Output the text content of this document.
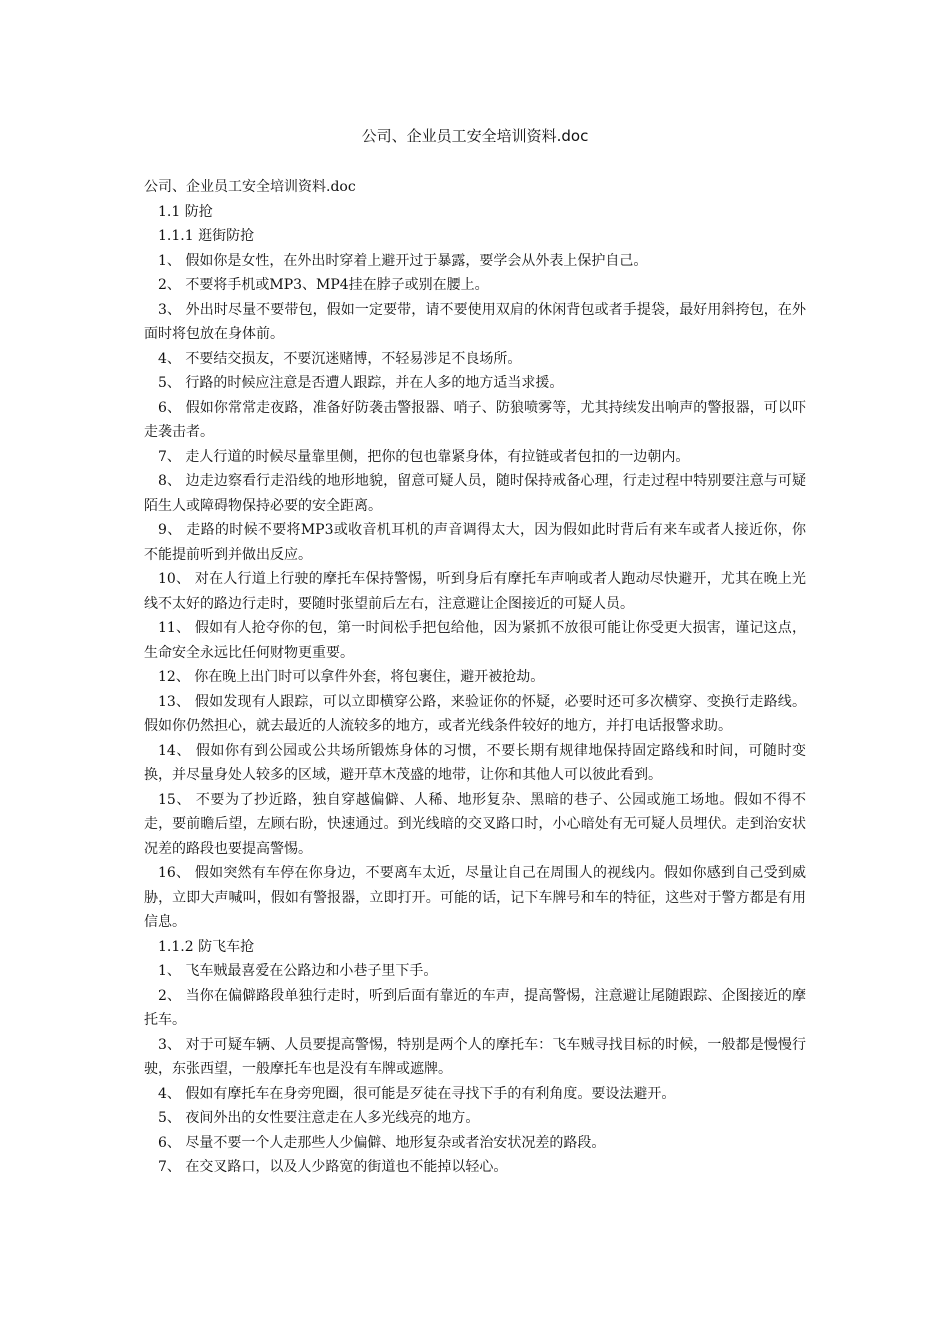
公司、企业员工安全培训资料.doc

公司、企业员工安全培训资料.doc

1.1 防抢

1.1.1 逛街防抢

1、 假如你是女性，在外出时穿着上避开过于暴露，要学会从外表上保护自己。

2、 不要将手机或MP3、MP4挂在脖子或别在腰上。

3、 外出时尽量不要带包，假如一定要带，请不要使用双肩的休闲背包或者手提袋，最好用斜挎包，在外面时将包放在身体前。

4、 不要结交损友，不要沉迷赌博，不轻易涉足不良场所。

5、 行路的时候应注意是否遭人跟踪，并在人多的地方适当求援。

6、 假如你常常走夜路，准备好防袭击警报器、哨子、防狼喷雾等，尤其持续发出响声的警报器，可以吓走袭击者。

7、 走人行道的时候尽量靠里侧，把你的包也靠紧身体，有拉链或者包扣的一边朝内。

8、 边走边察看行走沿线的地形地貌，留意可疑人员，随时保持戒备心理，行走过程中特别要注意与可疑陌生人或障碍物保持必要的安全距离。

9、 走路的时候不要将MP3或收音机耳机的声音调得太大，因为假如此时背后有来车或者人接近你，你不能提前听到并做出反应。

10、 对在人行道上行驶的摩托车保持警惕，听到身后有摩托车声响或者人跑动尽快避开，尤其在晚上光线不太好的路边行走时，要随时张望前后左右，注意避让企图接近的可疑人员。

11、 假如有人抢夺你的包，第一时间松手把包给他，因为紧抓不放很可能让你受更大损害，谨记这点，生命安全永远比任何财物更重要。

12、 你在晚上出门时可以拿件外套，将包裹住，避开被抢劫。

13、 假如发现有人跟踪，可以立即横穿公路，来验证你的怀疑，必要时还可多次横穿、变换行走路线。假如你仍然担心，就去最近的人流较多的地方，或者光线条件较好的地方，并打电话报警求助。

14、 假如你有到公园或公共场所锻炼身体的习惯，不要长期有规律地保持固定路线和时间，可随时变换，并尽量身处人较多的区域，避开草木茂盛的地带，让你和其他人可以彼此看到。

15、 不要为了抄近路，独自穿越偏僻、人稀、地形复杂、黑暗的巷子、公园或施工场地。假如不得不走，要前瞻后望，左顾右盼，快速通过。到光线暗的交叉路口时，小心暗处有无可疑人员埋伏。走到治安状况差的路段也要提高警惕。

16、 假如突然有车停在你身边，不要离车太近，尽量让自己在周围人的视线内。假如你感到自己受到威胁，立即大声喊叫，假如有警报器，立即打开。可能的话，记下车牌号和车的特征，这些对于警方都是有用信息。

1.1.2 防飞车抢

1、 飞车贼最喜爱在公路边和小巷子里下手。

2、 当你在偏僻路段单独行走时，听到后面有靠近的车声，提高警惕，注意避让尾随跟踪、企图接近的摩托车。

3、 对于可疑车辆、人员要提高警惕，特别是两个人的摩托车：飞车贼寻找目标的时候，一般都是慢慢行驶，东张西望，一般摩托车也是没有车牌或遮牌。

4、 假如有摩托车在身旁兜圈，很可能是歹徒在寻找下手的有利角度。要设法避开。

5、 夜间外出的女性要注意走在人多光线亮的地方。

6、 尽量不要一个人走那些人少偏僻、地形复杂或者治安状况差的路段。

7、 在交叉路口，以及人少路宽的街道也不能掉以轻心。
